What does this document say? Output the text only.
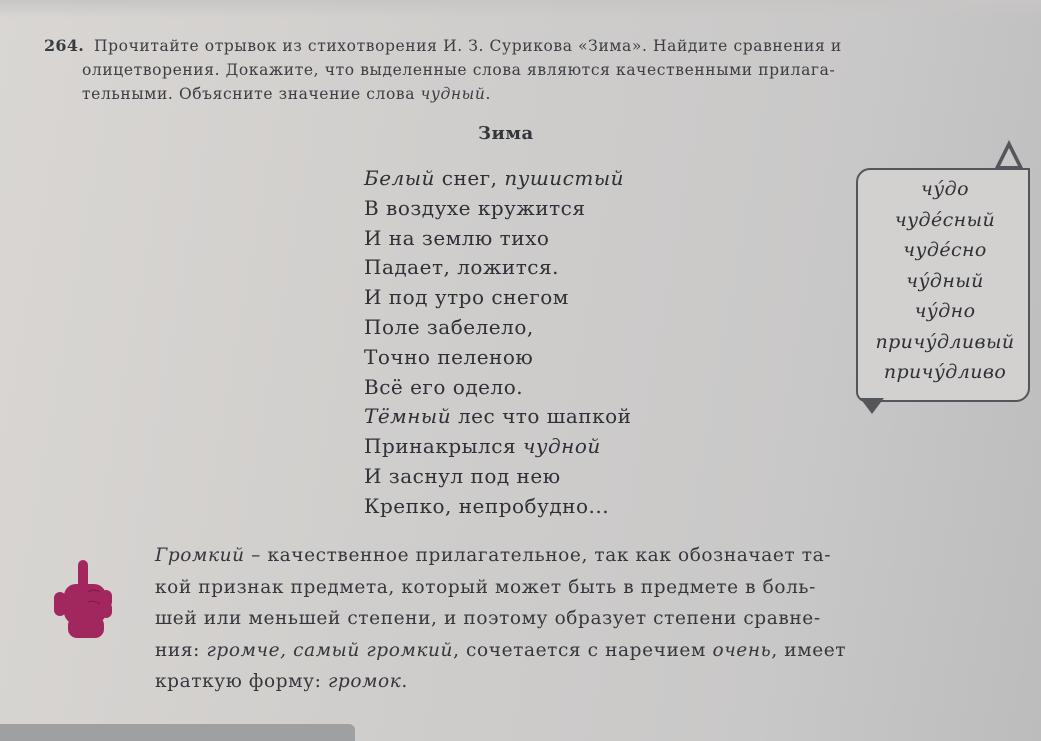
264. Прочитайте отрывок из стихотворения И. З. Сурикова «Зима». Найдите сравнения и
олицетворения. Докажите, что выделенные слова являются качественными прилага-
тельными. Объясните значение слова чудный.
Зима
Белый снег, пушистый
В воздухе кружится
И на землю тихо
Падает, ложится.
И под утро снегом
Поле забелело,
Точно пеленою
Всё его одело.
Тёмный лес что шапкой
Принакрылся чудной
И заснул под нею
Крепко, непробудно...
чу́до
чуде́сный
чуде́сно
чу́дный
чу́дно
причу́дливый
причу́дливо
Громкий – качественное прилагательное, так как обозначает та-
кой признак предмета, который может быть в предмете в боль-
шей или меньшей степени, и поэтому образует степени сравне-
ния: громче, самый громкий, сочетается с наречием очень, имеет
краткую форму: громок.
